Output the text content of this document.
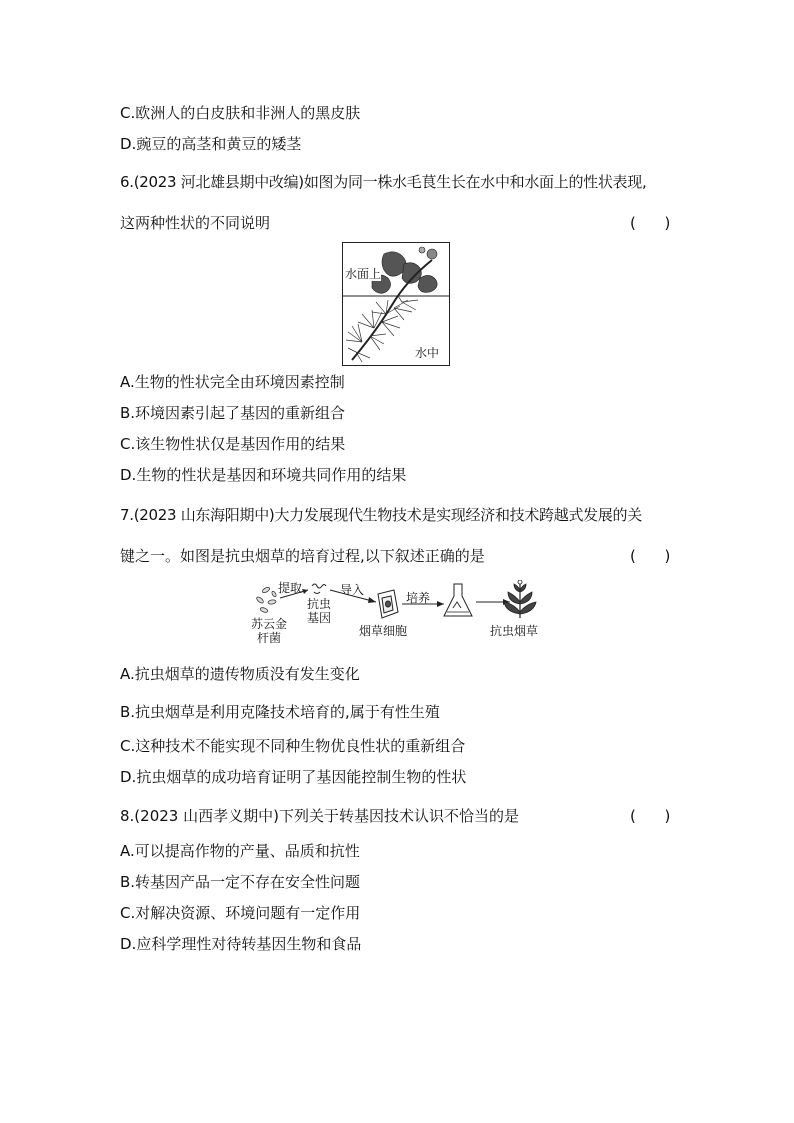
C.欧洲人的白皮肤和非洲人的黑皮肤
D.豌豆的高茎和黄豆的矮茎
6.(2023 河北雄县期中改编)如图为同一株水毛茛生长在水中和水面上的性状表现,
这两种性状的不同说明	(      )
水面上
水中
A.生物的性状完全由环境因素控制
B.环境因素引起了基因的重新组合
C.该生物性状仅是基因作用的结果
D.生物的性状是基因和环境共同作用的结果
7.(2023 山东海阳期中)大力发展现代生物技术是实现经济和技术跨越式发展的关
键之一。如图是抗虫烟草的培育过程,以下叙述正确的是	(      )
提取	导入
培养
苏云金
杆菌
抗虫
基因
烟草细胞	抗虫烟草
A.抗虫烟草的遗传物质没有发生变化
B.抗虫烟草是利用克隆技术培育的,属于有性生殖
C.这种技术不能实现不同种生物优良性状的重新组合
D.抗虫烟草的成功培育证明了基因能控制生物的性状
8.(2023 山西孝义期中)下列关于转基因技术认识不恰当的是	(      )
A.可以提高作物的产量、品质和抗性
B.转基因产品一定不存在安全性问题
C.对解决资源、环境问题有一定作用
D.应科学理性对待转基因生物和食品
